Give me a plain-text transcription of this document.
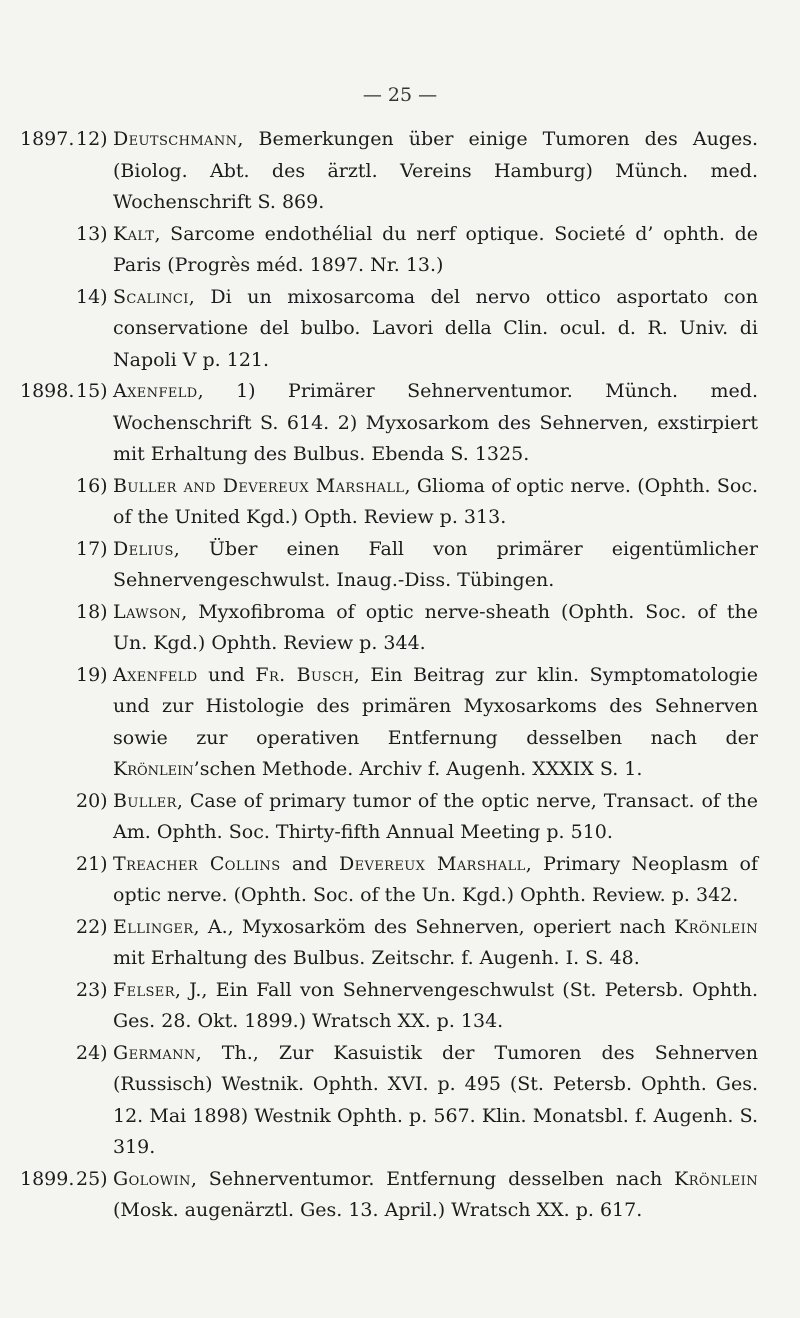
— 25 —
1897. 12) Deutschmann, Bemerkungen über einige Tumoren des Auges. (Biolog. Abt. des ärztl. Vereins Hamburg) Münch. med. Wochenschrift S. 869.
13) Kalt, Sarcome endothélial du nerf optique. Societé d’ ophth. de Paris (Progrès méd. 1897. Nr. 13.)
14) Scalinci, Di un mixosarcoma del nervo ottico asportato con conservatione del bulbo. Lavori della Clin. ocul. d. R. Univ. di Napoli V p. 121.
1898. 15) Axenfeld, 1) Primärer Sehnerventumor. Münch. med. Wochenschrift S. 614. 2) Myxosarkom des Sehnerven, exstirpiert mit Erhaltung des Bulbus. Ebenda S. 1325.
16) Buller and Devereux Marshall, Glioma of optic nerve. (Ophth. Soc. of the United Kgd.) Opth. Review p. 313.
17) Delius, Über einen Fall von primärer eigentümlicher Sehnervengeschwulst. Inaug.-Diss. Tübingen.
18) Lawson, Myxofibroma of optic nerve-sheath (Ophth. Soc. of the Un. Kgd.) Ophth. Review p. 344.
19) Axenfeld und Fr. Busch, Ein Beitrag zur klin. Symptomatologie und zur Histologie des primären Myxosarkoms des Sehnerven sowie zur operativen Entfernung desselben nach der Krönlein’schen Methode. Archiv f. Augenh. XXXIX S. 1.
20) Buller, Case of primary tumor of the optic nerve, Transact. of the Am. Ophth. Soc. Thirty-fifth Annual Meeting p. 510.
21) Treacher Collins and Devereux Marshall, Primary Neoplasm of optic nerve. (Ophth. Soc. of the Un. Kgd.) Ophth. Review. p. 342.
22) Ellinger, A., Myxosarköm des Sehnerven, operiert nach Krönlein mit Erhaltung des Bulbus. Zeitschr. f. Augenh. I. S. 48.
23) Felser, J., Ein Fall von Sehnervengeschwulst (St. Petersb. Ophth. Ges. 28. Okt. 1899.) Wratsch XX. p. 134.
24) Germann, Th., Zur Kasuistik der Tumoren des Sehnerven (Russisch) Westnik. Ophth. XVI. p. 495 (St. Petersb. Ophth. Ges. 12. Mai 1898) Westnik Ophth. p. 567. Klin. Monatsbl. f. Augenh. S. 319.
1899. 25) Golowin, Sehnerventumor. Entfernung desselben nach Krönlein (Mosk. augenärztl. Ges. 13. April.) Wratsch XX. p. 617.
